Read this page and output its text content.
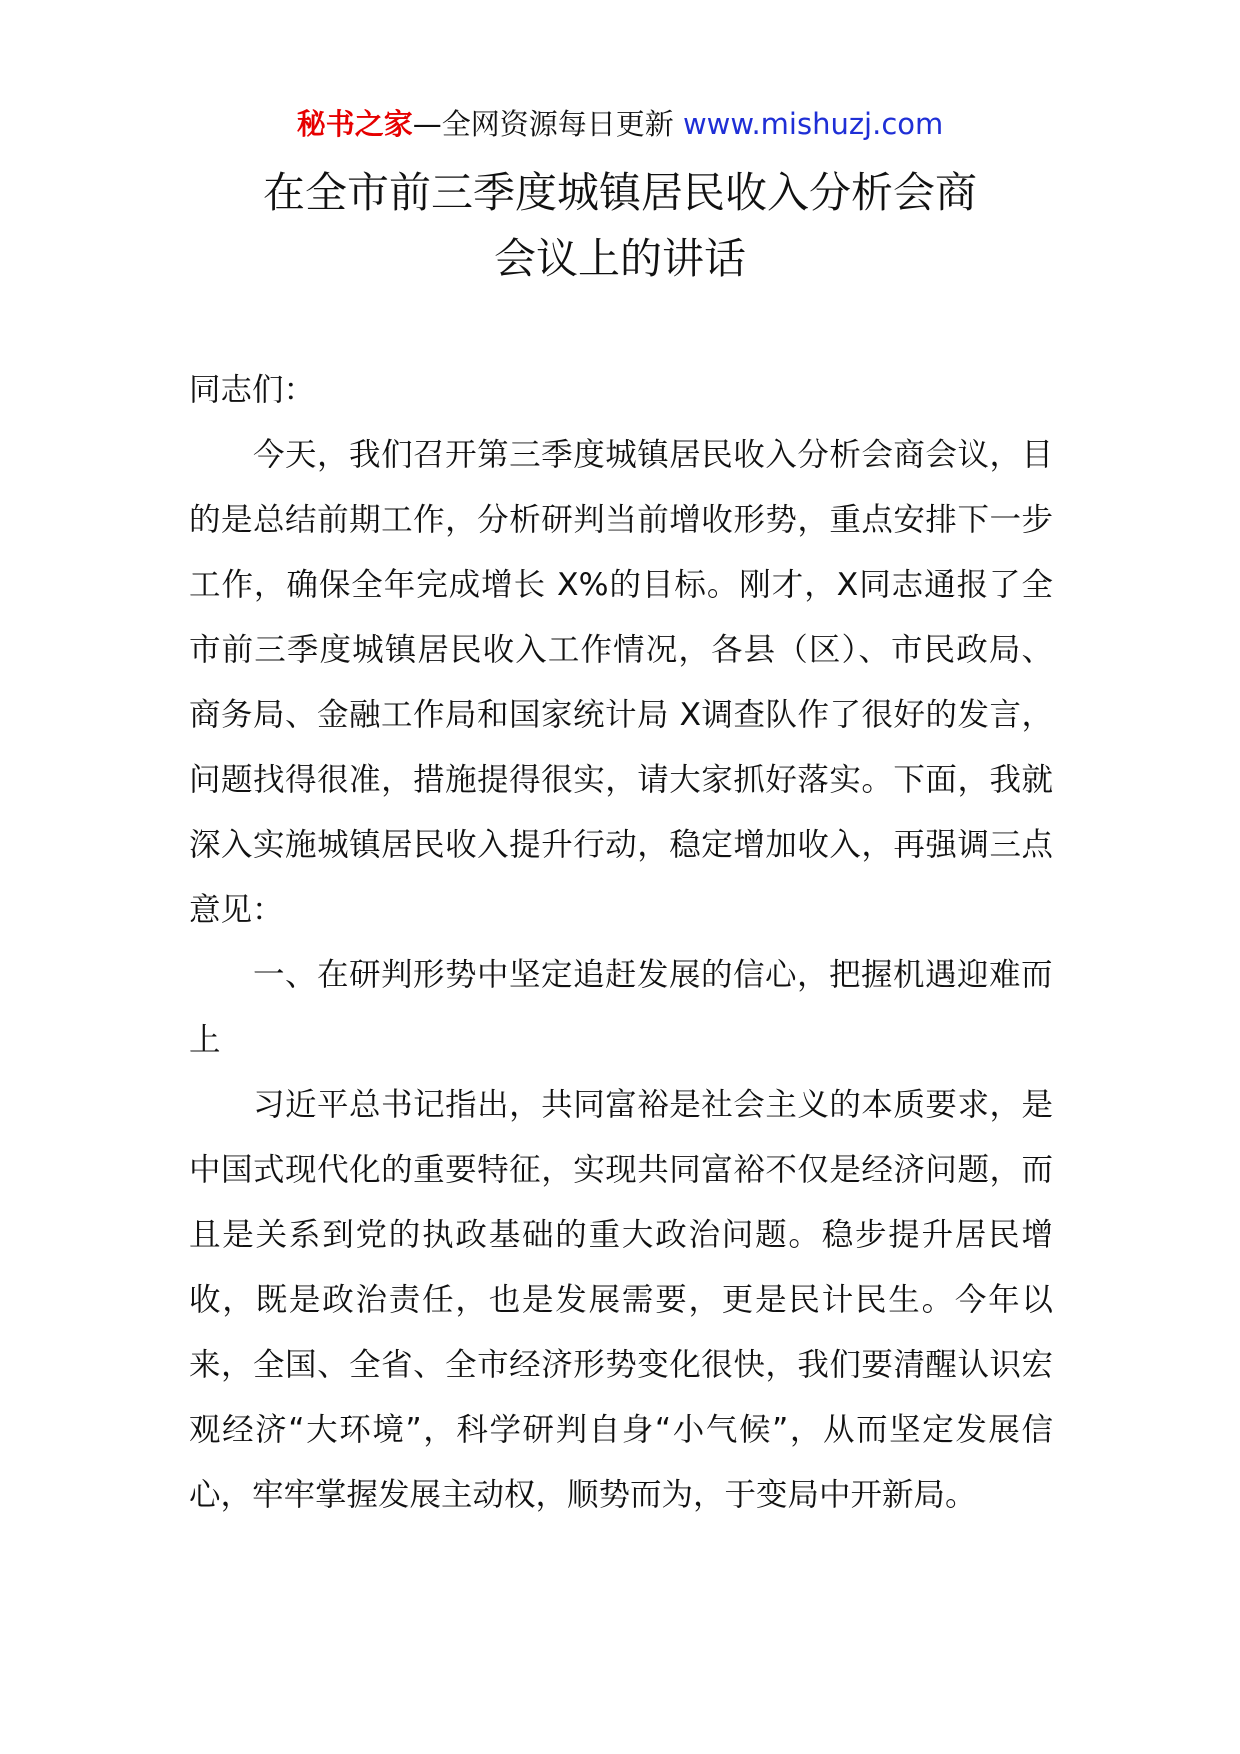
秘书之家—全网资源每日更新 www.mishuzj.com
在全市前三季度城镇居民收入分析会商
会议上的讲话

同志们：

今天，我们召开第三季度城镇居民收入分析会商会议，目的是总结前期工作，分析研判当前增收形势，重点安排下一步工作，确保全年完成增长 X%的目标。刚才，X同志通报了全市前三季度城镇居民收入工作情况，各县（区）、市民政局、商务局、金融工作局和国家统计局 X调查队作了很好的发言，问题找得很准，措施提得很实，请大家抓好落实。下面，我就深入实施城镇居民收入提升行动，稳定增加收入，再强调三点意见：

一、在研判形势中坚定追赶发展的信心，把握机遇迎难而上

习近平总书记指出，共同富裕是社会主义的本质要求，是中国式现代化的重要特征，实现共同富裕不仅是经济问题，而且是关系到党的执政基础的重大政治问题。稳步提升居民增收，既是政治责任，也是发展需要，更是民计民生。今年以来，全国、全省、全市经济形势变化很快，我们要清醒认识宏观经济“大环境”，科学研判自身“小气候”，从而坚定发展信心，牢牢掌握发展主动权，顺势而为，于变局中开新局。
